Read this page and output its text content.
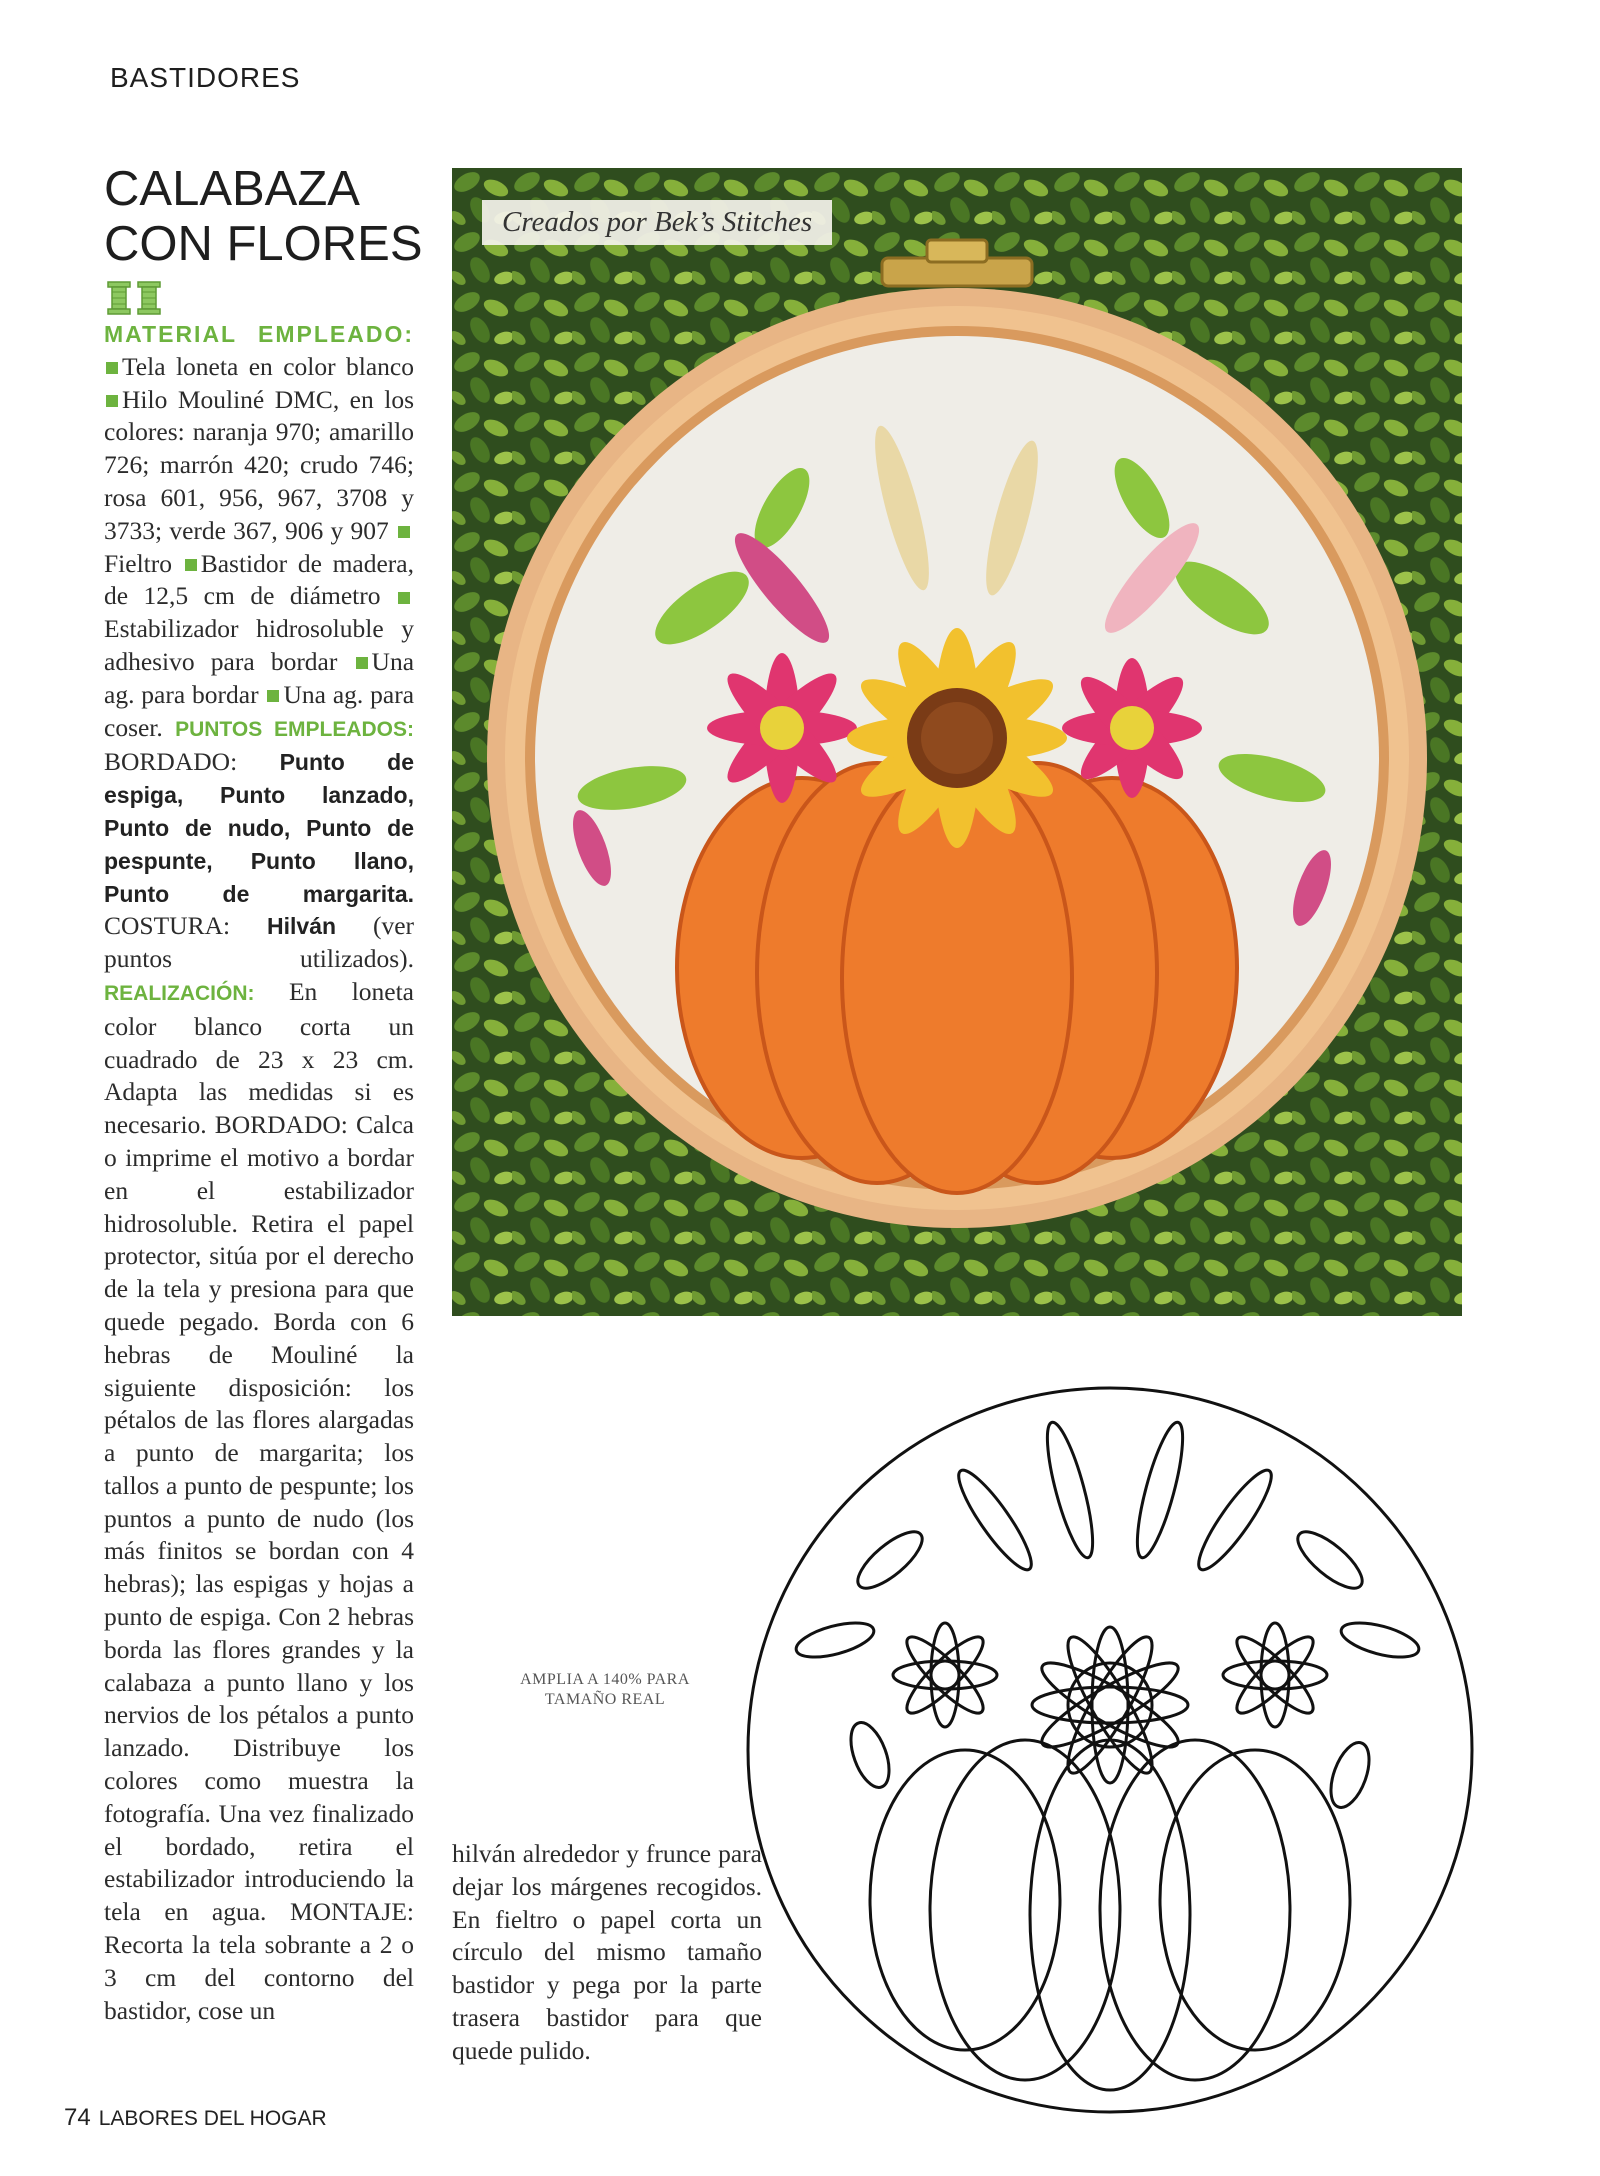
BASTIDORES
CALABAZA
CON FLORES
MATERIAL EMPLEADO: Tela loneta en color blanco Hilo Mouliné DMC, en los colores: naranja 970; amarillo 726; marrón 420; crudo 746; rosa 601, 956, 967, 3708 y 3733; verde 367, 906 y 907 Fieltro Bastidor de madera, de 12,5 cm de diámetro Estabilizador hidrosoluble y adhesivo para bordar Una ag. para bordar Una ag. para coser. PUNTOS EMPLEADOS: BORDADO: Punto de espiga, Punto lanzado, Punto de nudo, Punto de pespunte, Punto llano, Punto de margarita. COSTURA: Hilván (ver puntos utilizados). REALIZACIÓN: En loneta color blanco corta un cuadrado de 23 x 23 cm. Adapta las medidas si es necesario. BORDADO: Calca o imprime el motivo a bordar en el estabilizador hidrosoluble. Retira el papel protector, sitúa por el derecho de la tela y presiona para que quede pegado. Borda con 6 hebras de Mouliné la siguiente disposición: los pétalos de las flores alargadas a punto de margarita; los tallos a punto de pespunte; los puntos a punto de nudo (los más finitos se bordan con 4 hebras); las espigas y hojas a punto de espiga. Con 2 hebras borda las flores grandes y la calabaza a punto llano y los nervios de los pétalos a punto lanzado. Distribuye los colores como muestra la fotografía. Una vez finalizado el bordado, retira el estabilizador introduciendo la tela en agua. MONTAJE: Recorta la tela sobrante a 2 o 3 cm del contorno del bastidor, cose un
Creados por Bek’s Stitches
AMPLIA A 140% PARA
TAMAÑO REAL
hilván alrededor y frunce para dejar los márgenes recogidos. En fieltro o papel corta un círculo del mismo tamaño bastidor y pega por la parte trasera bastidor para que quede pulido.
74 LABORES DEL HOGAR
